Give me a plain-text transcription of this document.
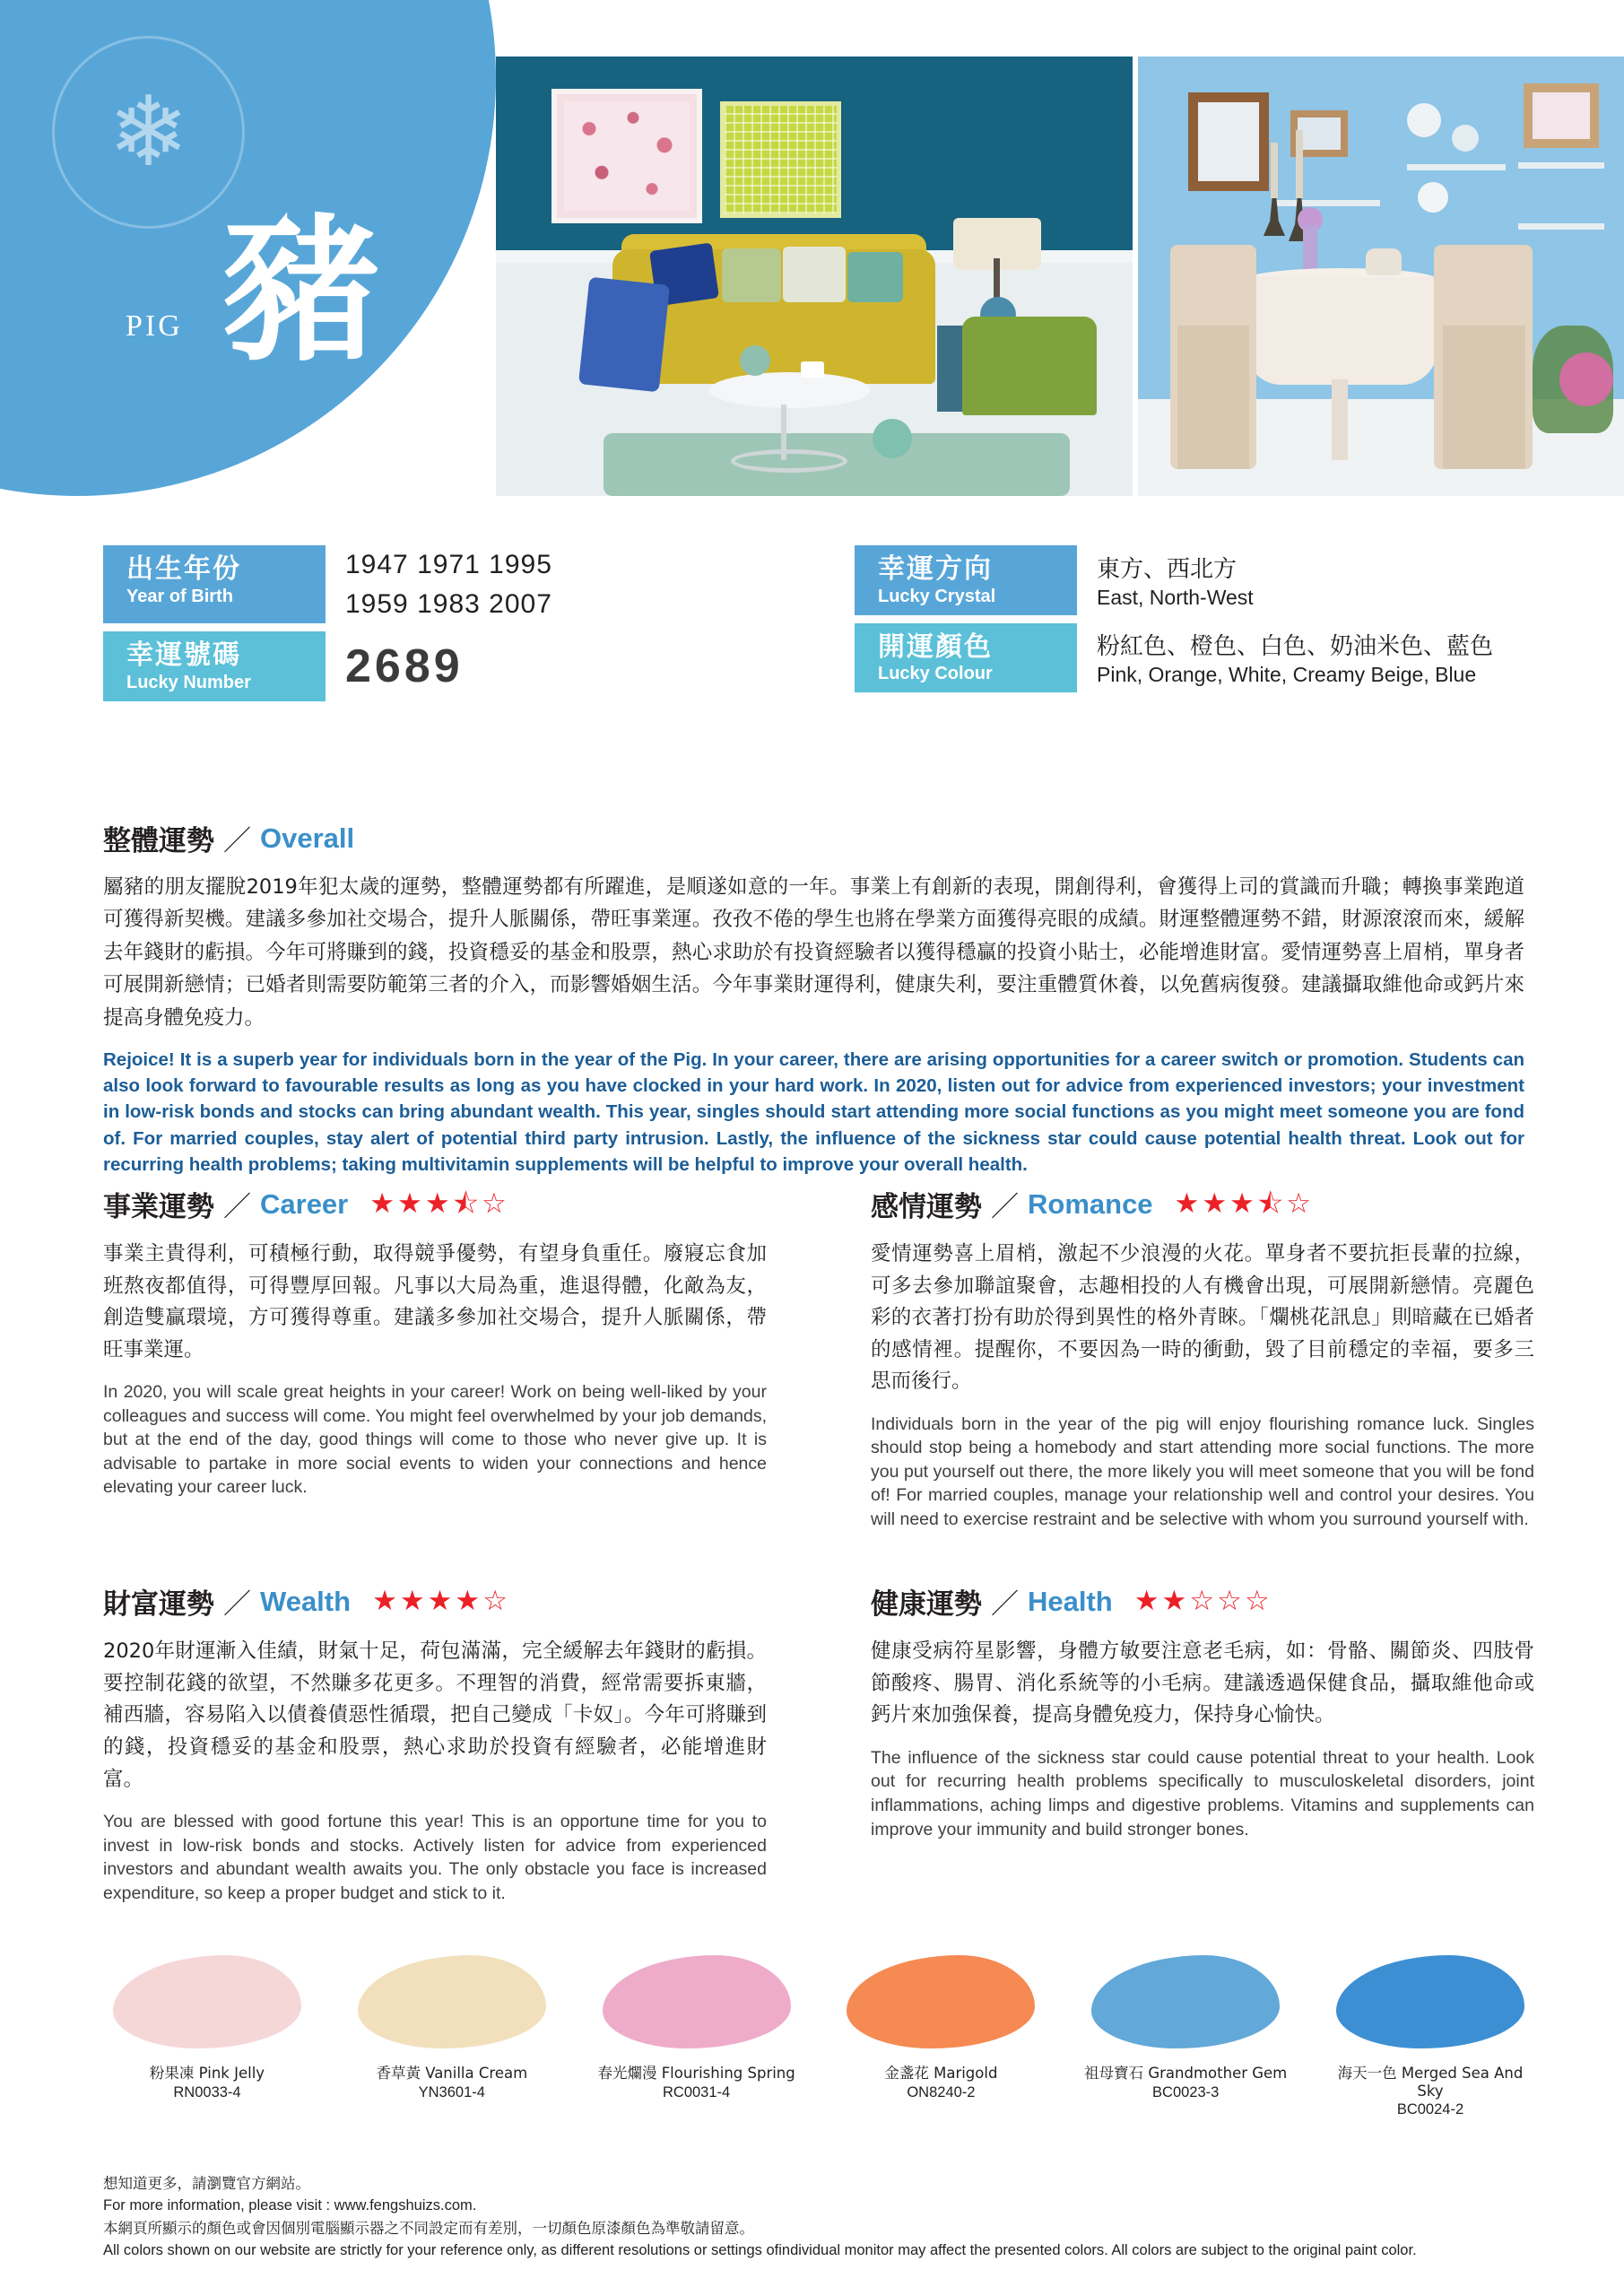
❄
PIG 豬
出生年份
Year of Birth
1947 1971 1995
1959 1983 2007
幸運號碼
Lucky Number	2689
幸運方向
Lucky Crystal
東方、西北方
East, North-West
開運顏色
Lucky Colour
粉紅色、橙色、白色、奶油米色、藍色
Pink, Orange, White, Creamy Beige, Blue
整體運勢 ／ Overall
屬豬的朋友擺脫2019年犯太歲的運勢，整體運勢都有所躍進，是順遂如意的一年。事業上有創新的表現，開創得利，會獲得上司的賞識而升職；轉換事業跑道可獲得新契機。建議多參加社交場合，提升人脈關係，帶旺事業運。孜孜不倦的學生也將在學業方面獲得亮眼的成績。財運整體運勢不錯，財源滾滾而來，緩解去年錢財的虧損。今年可將賺到的錢，投資穩妥的基金和股票，熱心求助於有投資經驗者以獲得穩贏的投資小貼士，必能增進財富。愛情運勢喜上眉梢，單身者可展開新戀情；已婚者則需要防範第三者的介入，而影響婚姻生活。今年事業財運得利，健康失利，要注重體質休養，以免舊病復發。建議攝取維他命或鈣片來提高身體免疫力。
Rejoice! It is a superb year for individuals born in the year of the Pig. In your career, there are arising opportunities for a career switch or promotion. Students can also look forward to favourable results as long as you have clocked in your hard work. In 2020, listen out for advice from experienced investors; your investment in low-risk bonds and stocks can bring abundant wealth. This year, singles should start attending more social functions as you might meet someone you are fond of. For married couples, stay alert of potential third party intrusion. Lastly, the influence of the sickness star could cause potential health threat. Look out for recurring health problems; taking multivitamin supplements will be helpful to improve your overall health.
事業運勢 ／ Career ★★★⯪☆
事業主貴得利，可積極行動，取得競爭優勢，有望身負重任。廢寢忘食加班熬夜都值得，可得豐厚回報。凡事以大局為重，進退得體，化敵為友，創造雙贏環境，方可獲得尊重。建議多參加社交場合，提升人脈關係，帶旺事業運。
In 2020, you will scale great heights in your career! Work on being well-liked by your colleagues and success will come. You might feel overwhelmed by your job demands, but at the end of the day, good things will come to those who never give up. It is advisable to partake in more social events to widen your connections and hence elevating your career luck.
感情運勢 ／ Romance ★★★⯪☆
愛情運勢喜上眉梢，激起不少浪漫的火花。單身者不要抗拒長輩的拉線，可多去參加聯誼聚會，志趣相投的人有機會出現，可展開新戀情。亮麗色彩的衣著打扮有助於得到異性的格外青睞。「爛桃花訊息」則暗藏在已婚者的感情裡。提醒你，不要因為一時的衝動，毀了目前穩定的幸福，要多三思而後行。
Individuals born in the year of the pig will enjoy flourishing romance luck. Singles should stop being a homebody and start attending more social functions. The more you put yourself out there, the more likely you will meet someone that you will be fond of! For married couples, manage your relationship well and control your desires. You will need to exercise restraint and be selective with whom you surround yourself with.
財富運勢 ／ Wealth ★★★★☆
2020年財運漸入佳績，財氣十足，荷包滿滿，完全緩解去年錢財的虧損。要控制花錢的欲望，不然賺多花更多。不理智的消費，經常需要拆東牆，補西牆，容易陷入以債養債惡性循環，把自己變成「卡奴」。今年可將賺到的錢，投資穩妥的基金和股票，熱心求助於投資有經驗者，必能增進財富。
You are blessed with good fortune this year! This is an opportune time for you to invest in low-risk bonds and stocks. Actively listen for advice from experienced investors and abundant wealth awaits you. The only obstacle you face is increased expenditure, so keep a proper budget and stick to it.
健康運勢 ／ Health ★★☆☆☆
健康受病符星影響，身體方敏要注意老毛病，如：骨骼、關節炎、四肢骨節酸疼、腸胃、消化系統等的小毛病。建議透過保健食品，攝取維他命或鈣片來加強保養，提高身體免疫力，保持身心愉快。
The influence of the sickness star could cause potential threat to your health. Look out for recurring health problems specifically to musculoskeletal disorders, joint inflammations, aching limps and digestive problems. Vitamins and supplements can improve your immunity and build stronger bones.
粉果凍 Pink Jelly
RN0033-4
香草黃 Vanilla Cream
YN3601-4
春光爛漫 Flourishing Spring
RC0031-4
金盞花 Marigold
ON8240-2
祖母寶石 Grandmother Gem
BC0023-3
海天一色 Merged Sea And Sky
BC0024-2
想知道更多，請瀏覽官方網站。
For more information, please visit : www.fengshuizs.com.
本網頁所顯示的顏色或會因個別電腦顯示器之不同設定而有差別，一切顏色原漆顏色為準敬請留意。
All colors shown on our website are strictly for your reference only, as different resolutions or settings ofindividual monitor may affect the presented colors. All colors are subject to the original paint color.
